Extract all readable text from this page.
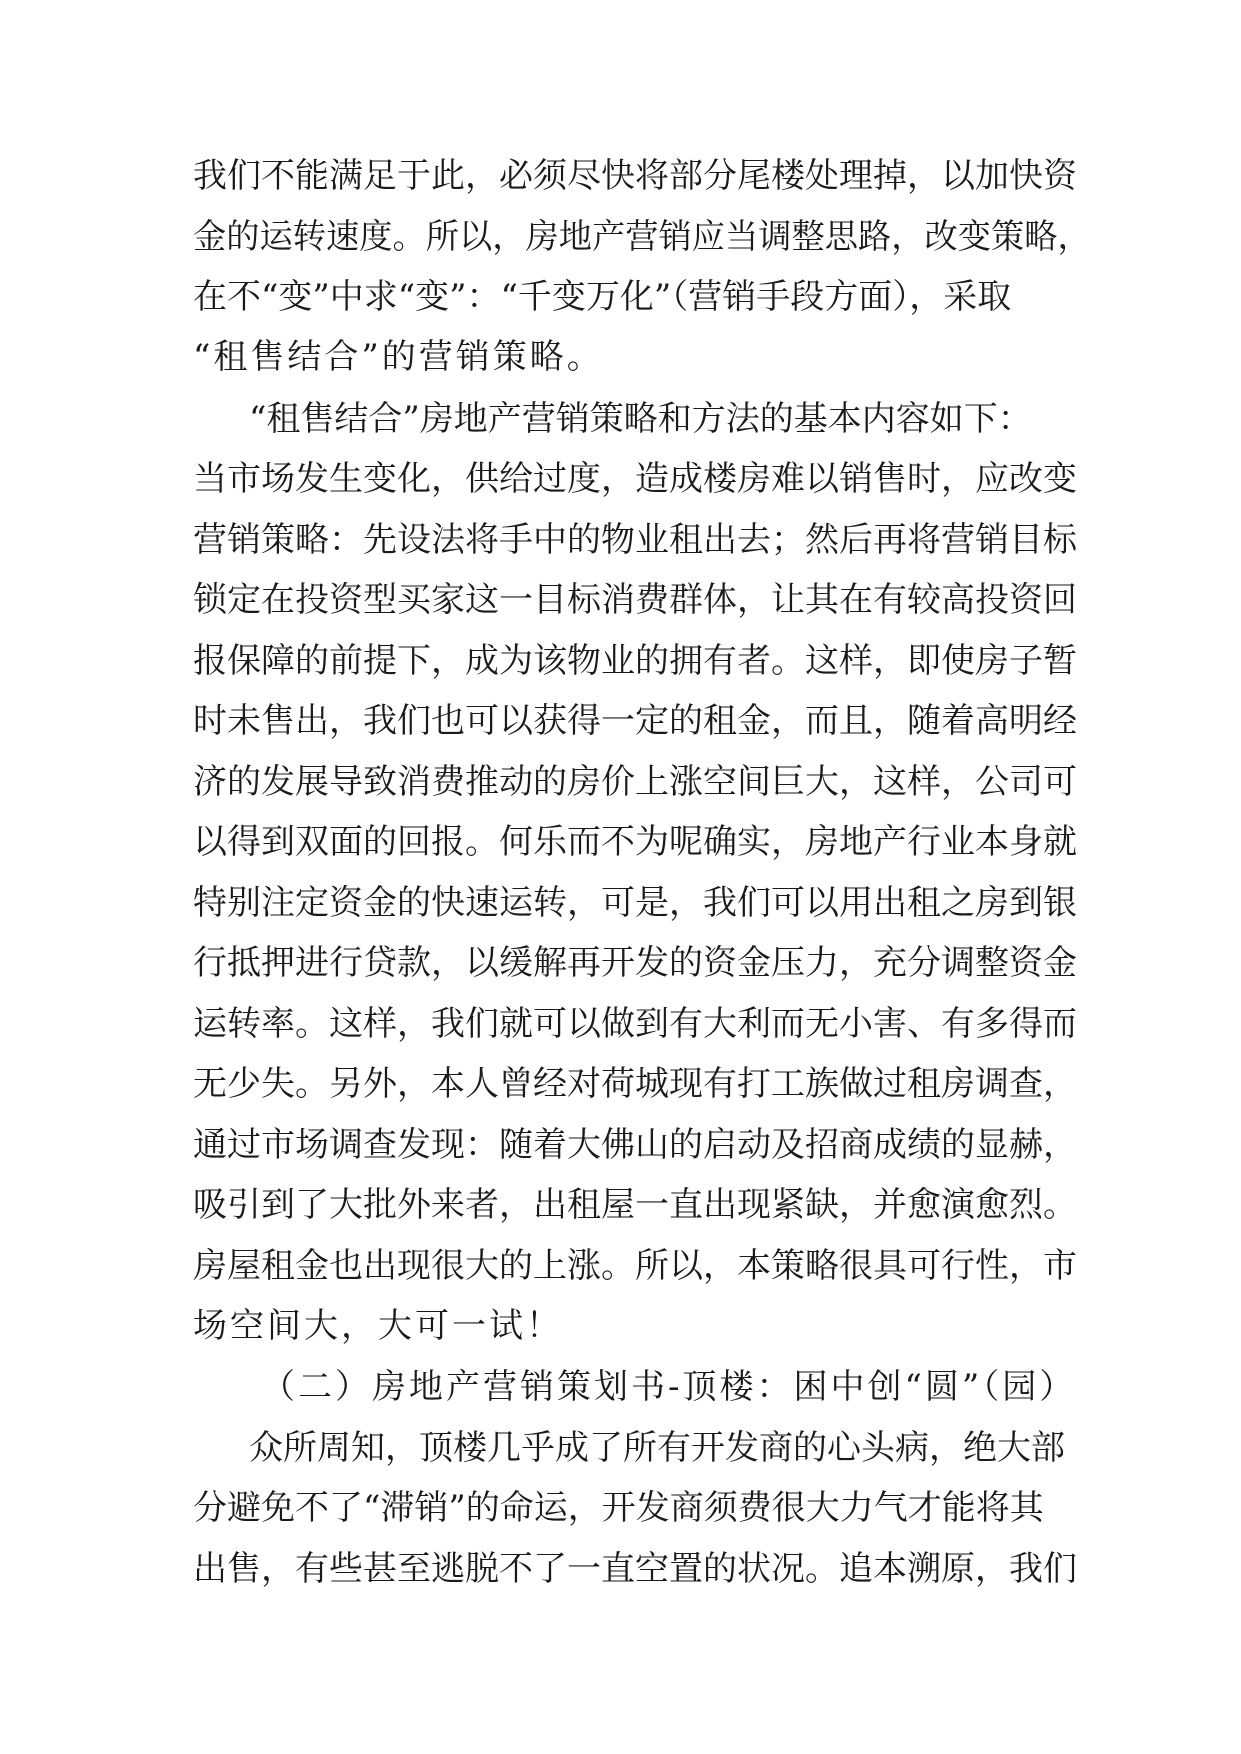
我们不能满足于此，必须尽快将部分尾楼处理掉，以加快资
金的运转速度。所以，房地产营销应当调整思路，改变策略，
在不“变”中求“变”：“千变万化”（营销手段方面），采取
“租售结合”的营销策略。
“租售结合”房地产营销策略和方法的基本内容如下：
当市场发生变化，供给过度，造成楼房难以销售时，应改变
营销策略：先设法将手中的物业租出去；然后再将营销目标
锁定在投资型买家这一目标消费群体，让其在有较高投资回
报保障的前提下，成为该物业的拥有者。这样，即使房子暂
时未售出，我们也可以获得一定的租金，而且，随着高明经
济的发展导致消费推动的房价上涨空间巨大，这样，公司可
以得到双面的回报。何乐而不为呢确实，房地产行业本身就
特别注定资金的快速运转，可是，我们可以用出租之房到银
行抵押进行贷款，以缓解再开发的资金压力，充分调整资金
运转率。这样，我们就可以做到有大利而无小害、有多得而
无少失。另外，本人曾经对荷城现有打工族做过租房调查，
通过市场调查发现：随着大佛山的启动及招商成绩的显赫，
吸引到了大批外来者，出租屋一直出现紧缺，并愈演愈烈。
房屋租金也出现很大的上涨。所以，本策略很具可行性，市
场空间大，大可一试！
（二）房地产营销策划书-顶楼：困中创“圆”（园）
众所周知，顶楼几乎成了所有开发商的心头病，绝大部
分避免不了“滞销”的命运，开发商须费很大力气才能将其
出售，有些甚至逃脱不了一直空置的状况。追本溯原，我们
